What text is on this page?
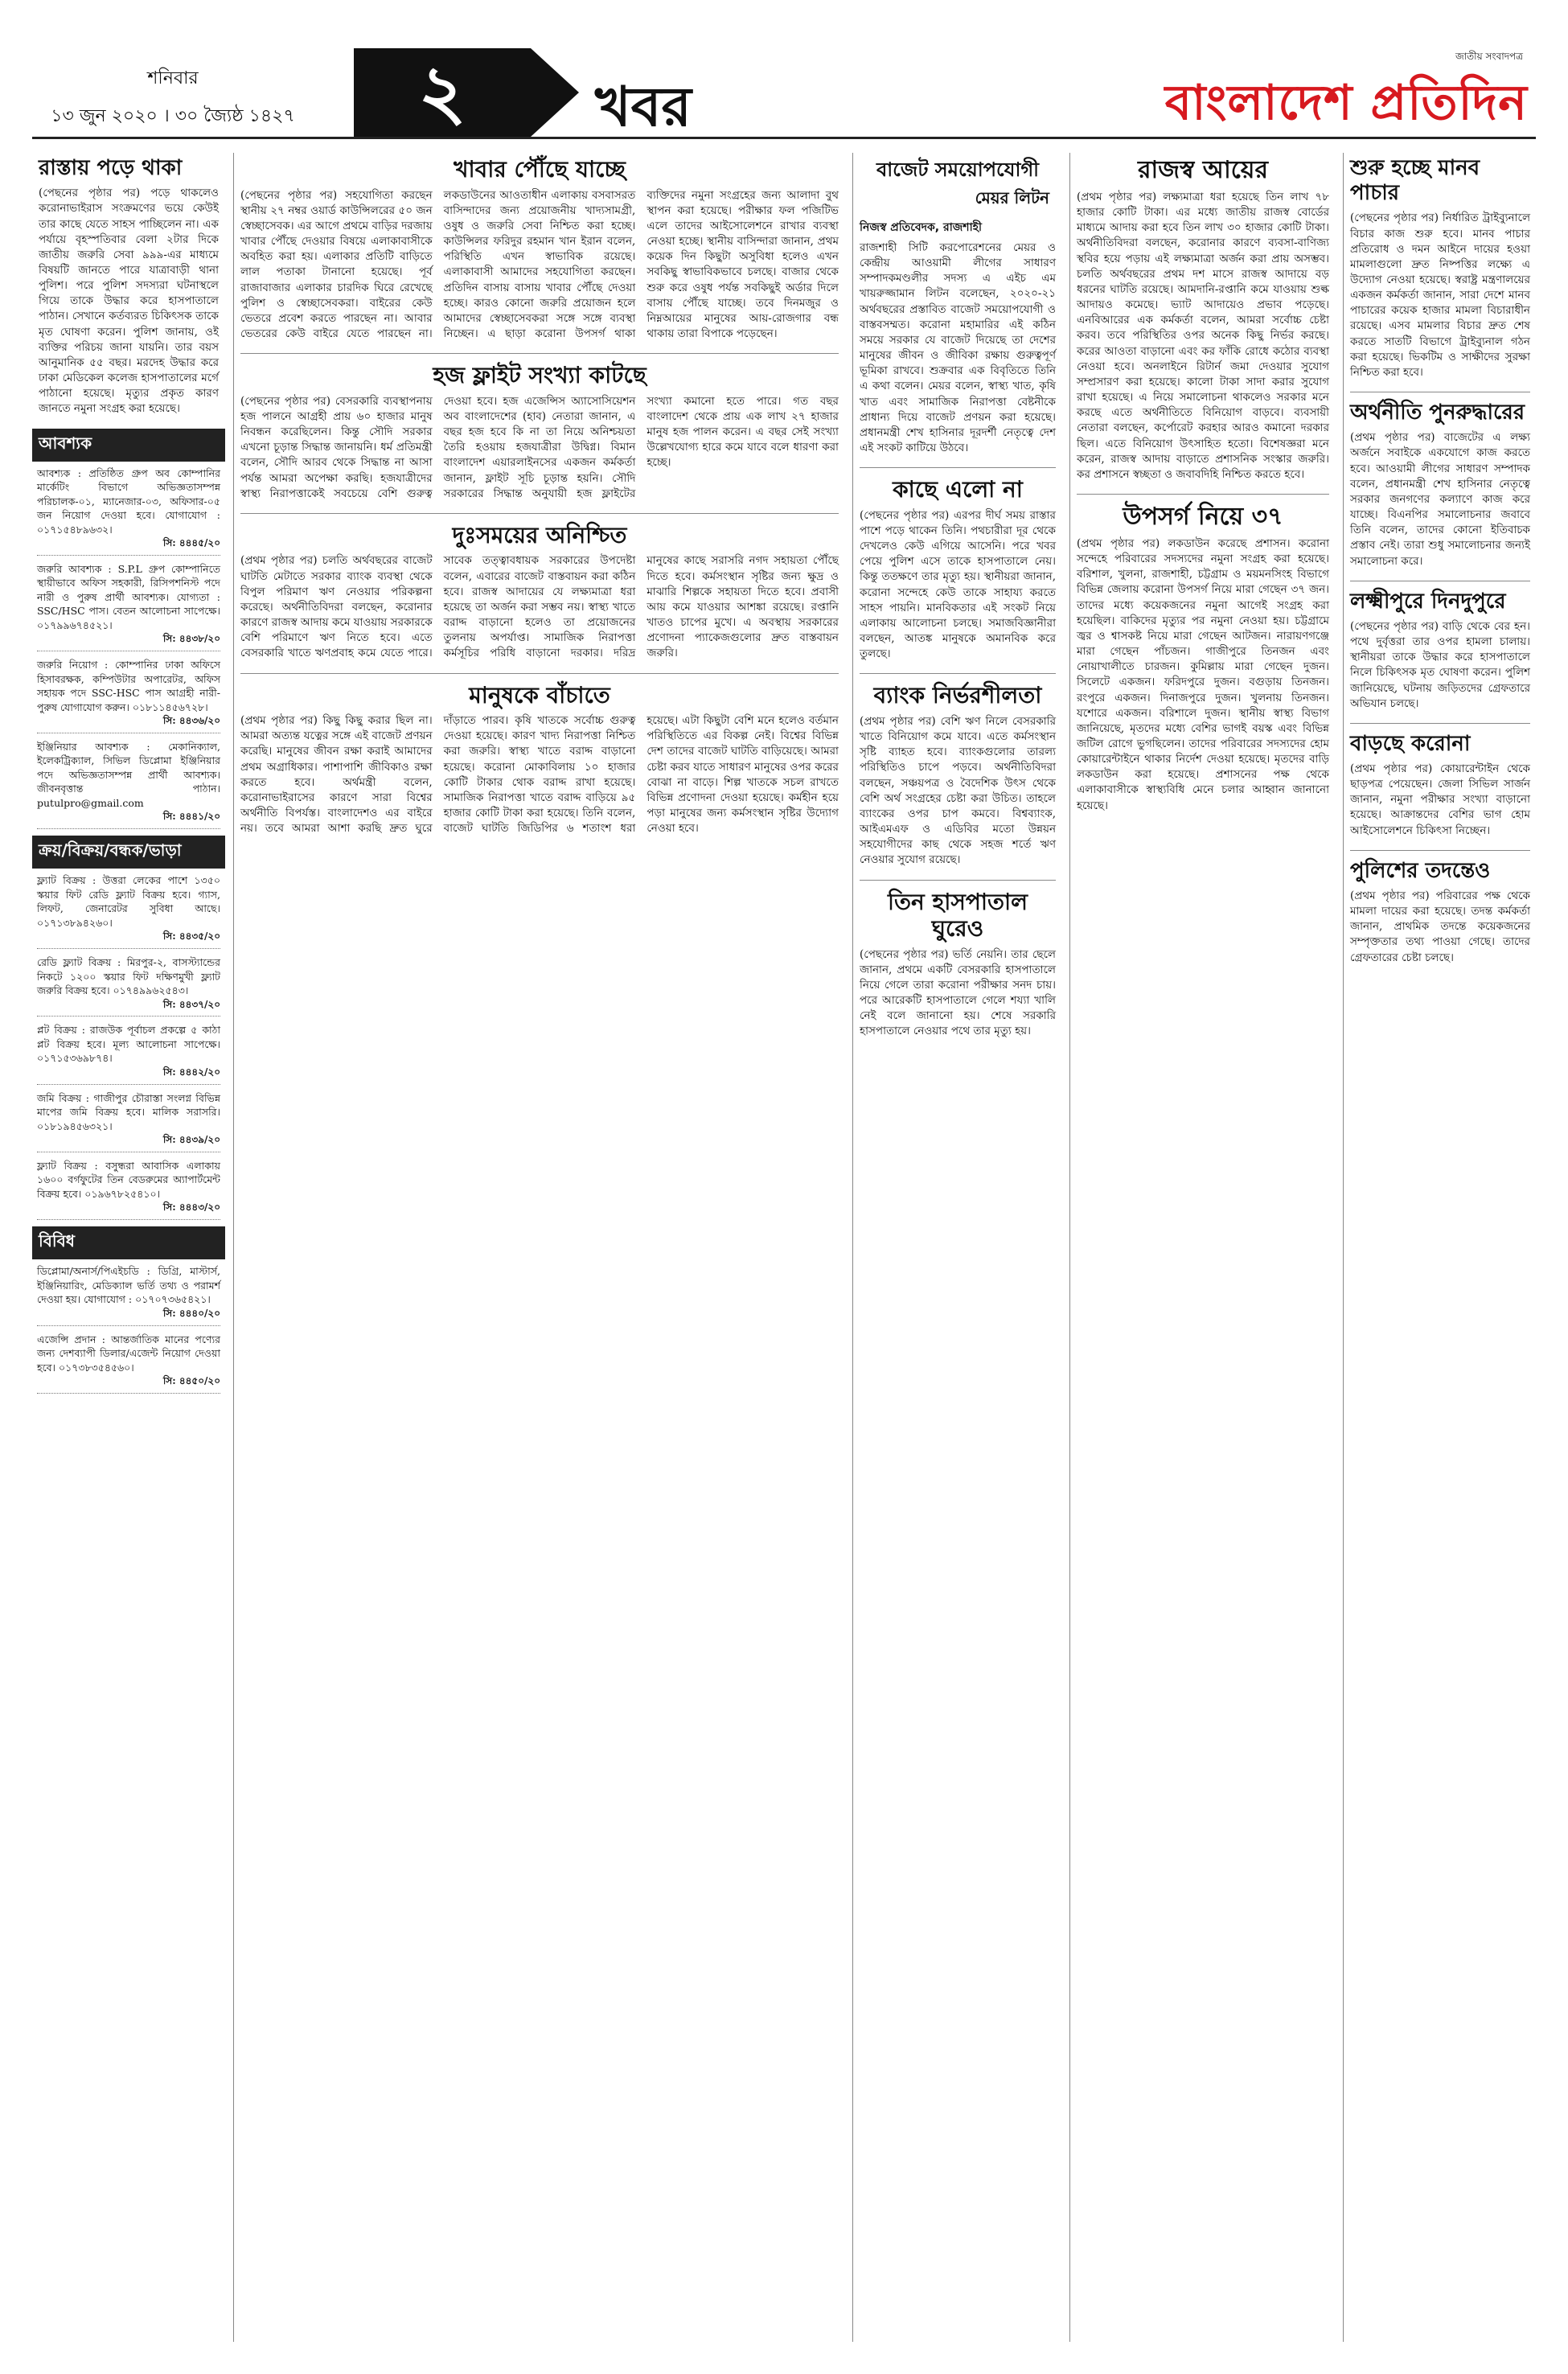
শনিবার
১৩ জুন ২০২০ । ৩০ জ্যৈষ্ঠ ১৪২৭	২	খবর
জাতীয় সংবাদপত্র
বাংলাদেশ প্রতিদিন
রাস্তায় পড়ে থাকা
(পেছনের পৃষ্ঠার পর) পড়ে থাকলেও করোনাভাইরাস সংক্রমণের ভয়ে কেউই তার কাছে যেতে সাহস পাচ্ছিলেন না। এক পর্যায়ে বৃহস্পতিবার বেলা ২টার দিকে জাতীয় জরুরি সেবা ৯৯৯-এর মাধ্যমে বিষয়টি জানতে পারে যাত্রাবাড়ী থানা পুলিশ। পরে পুলিশ সদস্যরা ঘটনাস্থলে গিয়ে তাকে উদ্ধার করে হাসপাতালে পাঠান। সেখানে কর্তব্যরত চিকিৎসক তাকে মৃত ঘোষণা করেন। পুলিশ জানায়, ওই ব্যক্তির পরিচয় জানা যায়নি। তার বয়স আনুমানিক ৫৫ বছর। মরদেহ উদ্ধার করে ঢাকা মেডিকেল কলেজ হাসপাতালের মর্গে পাঠানো হয়েছে। মৃত্যুর প্রকৃত কারণ জানতে নমুনা সংগ্রহ করা হয়েছে।
আবশ্যক
আবশ্যক : প্রতিষ্ঠিত গ্রুপ অব কোম্পানির মার্কেটিং বিভাগে অভিজ্ঞতাসম্পন্ন পরিচালক-০১, ম্যানেজার-০৩, অফিসার-০৫ জন নিয়োগ দেওয়া হবে। যোগাযোগ : ০১৭১৫৪৮৯৬৩২।
সি: ৪৪৪৫/২০
জরুরি আবশ্যক : S.P.L গ্রুপ কোম্পানিতে স্থায়ীভাবে অফিস সহকারী, রিসিপশনিস্ট পদে নারী ও পুরুষ প্রার্থী আবশ্যক। যোগ্যতা : SSC/HSC পাস। বেতন আলোচনা সাপেক্ষে। ০১৭৯৯৬৭৪৫২১।
সি: ৪৪৩৮/২০
জরুরি নিয়োগ : কোম্পানির ঢাকা অফিসে হিসাবরক্ষক, কম্পিউটার অপারেটর, অফিস সহায়ক পদে SSC-HSC পাস আগ্রহী নারী-পুরুষ যোগাযোগ করুন। ০১৮১১৪৫৬৭২৮।
সি: ৪৪৩৬/২০
ইঞ্জিনিয়ার আবশ্যক : মেকানিক্যাল, ইলেকট্রিক্যাল, সিভিল ডিপ্লোমা ইঞ্জিনিয়ার পদে অভিজ্ঞতাসম্পন্ন প্রার্থী আবশ্যক। জীবনবৃত্তান্ত পাঠান। putulpro@gmail.com
সি: ৪৪৪১/২০
ক্রয়/বিক্রয়/বন্ধক/ভাড়া
ফ্ল্যাট বিক্রয় : উত্তরা লেকের পাশে ১৩৫০ স্কয়ার ফিট রেডি ফ্ল্যাট বিক্রয় হবে। গ্যাস, লিফট, জেনারেটর সুবিধা আছে। ০১৭১৩৮৯৪২৬০।
সি: ৪৪৩৫/২০
রেডি ফ্ল্যাট বিক্রয় : মিরপুর-২, বাসস্ট্যান্ডের নিকটে ১২০০ স্কয়ার ফিট দক্ষিণমুখী ফ্ল্যাট জরুরি বিক্রয় হবে। ০১৭৪৯৯৬২৫৪৩।
সি: ৪৪৩৭/২০
প্লট বিক্রয় : রাজউক পূর্বাচল প্রকল্পে ৫ কাঠা প্লট বিক্রয় হবে। মূল্য আলোচনা সাপেক্ষে। ০১৭১৫৩৬৯৮৭৪।
সি: ৪৪৪২/২০
জমি বিক্রয় : গাজীপুর চৌরাস্তা সংলগ্ন বিভিন্ন মাপের জমি বিক্রয় হবে। মালিক সরাসরি। ০১৮১৯৪৫৬৩২১।
সি: ৪৪৩৯/২০
ফ্ল্যাট বিক্রয় : বসুন্ধরা আবাসিক এলাকায় ১৬০০ বর্গফুটের তিন বেডরুমের অ্যাপার্টমেন্ট বিক্রয় হবে। ০১৯৬৭৮২৫৪১০।
সি: ৪৪৪৩/২০
বিবিধ
ডিপ্লোমা/অনার্স/পিএইচডি : ডিগ্রি, মাস্টার্স, ইঞ্জিনিয়ারিং, মেডিক্যাল ভর্তি তথ্য ও পরামর্শ দেওয়া হয়। যোগাযোগ : ০১৭০৭৩৬৫৪২১।
সি: ৪৪৪০/২০
এজেন্সি প্রদান : আন্তর্জাতিক মানের পণ্যের জন্য দেশব্যাপী ডিলার/এজেন্ট নিয়োগ দেওয়া হবে। ০১৭৩৮৩৫৪৫৬০।
সি: ৪৪৫০/২০
খাবার পৌঁছে যাচ্ছে
(পেছনের পৃষ্ঠার পর) সহযোগিতা করছেন স্থানীয় ২৭ নম্বর ওয়ার্ড কাউন্সিলরের ৫০ জন স্বেচ্ছাসেবক। এর আগে প্রথমে বাড়ির দরজায় খাবার পৌঁছে দেওয়ার বিষয়ে এলাকাবাসীকে অবহিত করা হয়। এলাকার প্রতিটি বাড়িতে লাল পতাকা টানানো হয়েছে। পূর্ব রাজাবাজার এলাকার চারদিক ঘিরে রেখেছে পুলিশ ও স্বেচ্ছাসেবকরা। বাইরের কেউ ভেতরে প্রবেশ করতে পারছেন না। আবার ভেতরের কেউ বাইরে যেতে পারছেন না। লকডাউনের আওতাধীন এলাকায় বসবাসরত বাসিন্দাদের জন্য প্রয়োজনীয় খাদ্যসামগ্রী, ওষুধ ও জরুরি সেবা নিশ্চিত করা হচ্ছে। কাউন্সিলর ফরিদুর রহমান খান ইরান বলেন, পরিস্থিতি এখন স্বাভাবিক রয়েছে। এলাকাবাসী আমাদের সহযোগিতা করছেন। প্রতিদিন বাসায় বাসায় খাবার পৌঁছে দেওয়া হচ্ছে। কারও কোনো জরুরি প্রয়োজন হলে আমাদের স্বেচ্ছাসেবকরা সঙ্গে সঙ্গে ব্যবস্থা নিচ্ছেন। এ ছাড়া করোনা উপসর্গ থাকা ব্যক্তিদের নমুনা সংগ্রহের জন্য আলাদা বুথ স্থাপন করা হয়েছে। পরীক্ষার ফল পজিটিভ এলে তাদের আইসোলেশনে রাখার ব্যবস্থা নেওয়া হচ্ছে। স্থানীয় বাসিন্দারা জানান, প্রথম কয়েক দিন কিছুটা অসুবিধা হলেও এখন সবকিছু স্বাভাবিকভাবে চলছে। বাজার থেকে শুরু করে ওষুধ পর্যন্ত সবকিছুই অর্ডার দিলে বাসায় পৌঁছে যাচ্ছে। তবে দিনমজুর ও নিম্নআয়ের মানুষের আয়-রোজগার বন্ধ থাকায় তারা বিপাকে পড়েছেন।
হজ ফ্লাইট সংখ্যা কাটছে
(পেছনের পৃষ্ঠার পর) বেসরকারি ব্যবস্থাপনায় হজ পালনে আগ্রহী প্রায় ৬০ হাজার মানুষ নিবন্ধন করেছিলেন। কিন্তু সৌদি সরকার এখনো চূড়ান্ত সিদ্ধান্ত জানায়নি। ধর্ম প্রতিমন্ত্রী বলেন, সৌদি আরব থেকে সিদ্ধান্ত না আসা পর্যন্ত আমরা অপেক্ষা করছি। হজযাত্রীদের স্বাস্থ্য নিরাপত্তাকেই সবচেয়ে বেশি গুরুত্ব দেওয়া হবে। হজ এজেন্সিস অ্যাসোসিয়েশন অব বাংলাদেশের (হাব) নেতারা জানান, এ বছর হজ হবে কি না তা নিয়ে অনিশ্চয়তা তৈরি হওয়ায় হজযাত্রীরা উদ্বিগ্ন। বিমান বাংলাদেশ এয়ারলাইনসের একজন কর্মকর্তা জানান, ফ্লাইট সূচি চূড়ান্ত হয়নি। সৌদি সরকারের সিদ্ধান্ত অনুযায়ী হজ ফ্লাইটের সংখ্যা কমানো হতে পারে। গত বছর বাংলাদেশ থেকে প্রায় এক লাখ ২৭ হাজার মানুষ হজ পালন করেন। এ বছর সেই সংখ্যা উল্লেখযোগ্য হারে কমে যাবে বলে ধারণা করা হচ্ছে।
দুঃসময়ের অনিশ্চিত
(প্রথম পৃষ্ঠার পর) চলতি অর্থবছরের বাজেট ঘাটতি মেটাতে সরকার ব্যাংক ব্যবস্থা থেকে বিপুল পরিমাণ ঋণ নেওয়ার পরিকল্পনা করেছে। অর্থনীতিবিদরা বলছেন, করোনার কারণে রাজস্ব আদায় কমে যাওয়ায় সরকারকে বেশি পরিমাণে ঋণ নিতে হবে। এতে বেসরকারি খাতে ঋণপ্রবাহ কমে যেতে পারে। সাবেক তত্ত্বাবধায়ক সরকারের উপদেষ্টা বলেন, এবারের বাজেট বাস্তবায়ন করা কঠিন হবে। রাজস্ব আদায়ের যে লক্ষ্যমাত্রা ধরা হয়েছে তা অর্জন করা সম্ভব নয়। স্বাস্থ্য খাতে বরাদ্দ বাড়ানো হলেও তা প্রয়োজনের তুলনায় অপর্যাপ্ত। সামাজিক নিরাপত্তা কর্মসূচির পরিধি বাড়ানো দরকার। দরিদ্র মানুষের কাছে সরাসরি নগদ সহায়তা পৌঁছে দিতে হবে। কর্মসংস্থান সৃষ্টির জন্য ক্ষুদ্র ও মাঝারি শিল্পকে সহায়তা দিতে হবে। প্রবাসী আয় কমে যাওয়ার আশঙ্কা রয়েছে। রপ্তানি খাতও চাপের মুখে। এ অবস্থায় সরকারের প্রণোদনা প্যাকেজগুলোর দ্রুত বাস্তবায়ন জরুরি।
মানুষকে বাঁচাতে
(প্রথম পৃষ্ঠার পর) কিছু কিছু করার ছিল না। আমরা অত্যন্ত যত্নের সঙ্গে এই বাজেট প্রণয়ন করেছি। মানুষের জীবন রক্ষা করাই আমাদের প্রথম অগ্রাধিকার। পাশাপাশি জীবিকাও রক্ষা করতে হবে। অর্থমন্ত্রী বলেন, করোনাভাইরাসের কারণে সারা বিশ্বের অর্থনীতি বিপর্যস্ত। বাংলাদেশও এর বাইরে নয়। তবে আমরা আশা করছি দ্রুত ঘুরে দাঁড়াতে পারব। কৃষি খাতকে সর্বোচ্চ গুরুত্ব দেওয়া হয়েছে। কারণ খাদ্য নিরাপত্তা নিশ্চিত করা জরুরি। স্বাস্থ্য খাতে বরাদ্দ বাড়ানো হয়েছে। করোনা মোকাবিলায় ১০ হাজার কোটি টাকার থোক বরাদ্দ রাখা হয়েছে। সামাজিক নিরাপত্তা খাতে বরাদ্দ বাড়িয়ে ৯৫ হাজার কোটি টাকা করা হয়েছে। তিনি বলেন, বাজেট ঘাটতি জিডিপির ৬ শতাংশ ধরা হয়েছে। এটা কিছুটা বেশি মনে হলেও বর্তমান পরিস্থিতিতে এর বিকল্প নেই। বিশ্বের বিভিন্ন দেশ তাদের বাজেট ঘাটতি বাড়িয়েছে। আমরা চেষ্টা করব যাতে সাধারণ মানুষের ওপর করের বোঝা না বাড়ে। শিল্প খাতকে সচল রাখতে বিভিন্ন প্রণোদনা দেওয়া হয়েছে। কর্মহীন হয়ে পড়া মানুষের জন্য কর্মসংস্থান সৃষ্টির উদ্যোগ নেওয়া হবে।
বাজেট সময়োপযোগী
মেয়র লিটন
নিজস্ব প্রতিবেদক, রাজশাহী
রাজশাহী সিটি করপোরেশনের মেয়র ও কেন্দ্রীয় আওয়ামী লীগের সাধারণ সম্পাদকমণ্ডলীর সদস্য এ এইচ এম খায়রুজ্জামান লিটন বলেছেন, ২০২০-২১ অর্থবছরের প্রস্তাবিত বাজেট সময়োপযোগী ও বাস্তবসম্মত। করোনা মহামারির এই কঠিন সময়ে সরকার যে বাজেট দিয়েছে তা দেশের মানুষের জীবন ও জীবিকা রক্ষায় গুরুত্বপূর্ণ ভূমিকা রাখবে। শুক্রবার এক বিবৃতিতে তিনি এ কথা বলেন। মেয়র বলেন, স্বাস্থ্য খাত, কৃষি খাত এবং সামাজিক নিরাপত্তা বেষ্টনীকে প্রাধান্য দিয়ে বাজেট প্রণয়ন করা হয়েছে। প্রধানমন্ত্রী শেখ হাসিনার দূরদর্শী নেতৃত্বে দেশ এই সংকট কাটিয়ে উঠবে।
কাছে এলো না
(পেছনের পৃষ্ঠার পর) এরপর দীর্ঘ সময় রাস্তার পাশে পড়ে থাকেন তিনি। পথচারীরা দূর থেকে দেখলেও কেউ এগিয়ে আসেনি। পরে খবর পেয়ে পুলিশ এসে তাকে হাসপাতালে নেয়। কিন্তু ততক্ষণে তার মৃত্যু হয়। স্থানীয়রা জানান, করোনা সন্দেহে কেউ তাকে সাহায্য করতে সাহস পায়নি। মানবিকতার এই সংকট নিয়ে এলাকায় আলোচনা চলছে। সমাজবিজ্ঞানীরা বলছেন, আতঙ্ক মানুষকে অমানবিক করে তুলছে।
ব্যাংক নির্ভরশীলতা
(প্রথম পৃষ্ঠার পর) বেশি ঋণ নিলে বেসরকারি খাতে বিনিয়োগ কমে যাবে। এতে কর্মসংস্থান সৃষ্টি ব্যাহত হবে। ব্যাংকগুলোর তারল্য পরিস্থিতিও চাপে পড়বে। অর্থনীতিবিদরা বলছেন, সঞ্চয়পত্র ও বৈদেশিক উৎস থেকে বেশি অর্থ সংগ্রহের চেষ্টা করা উচিত। তাহলে ব্যাংকের ওপর চাপ কমবে। বিশ্বব্যাংক, আইএমএফ ও এডিবির মতো উন্নয়ন সহযোগীদের কাছ থেকে সহজ শর্তে ঋণ নেওয়ার সুযোগ রয়েছে।
তিন হাসপাতাল ঘুরেও
(পেছনের পৃষ্ঠার পর) ভর্তি নেয়নি। তার ছেলে জানান, প্রথমে একটি বেসরকারি হাসপাতালে নিয়ে গেলে তারা করোনা পরীক্ষার সনদ চায়। পরে আরেকটি হাসপাতালে গেলে শয্যা খালি নেই বলে জানানো হয়। শেষে সরকারি হাসপাতালে নেওয়ার পথে তার মৃত্যু হয়।
রাজস্ব আয়ের
(প্রথম পৃষ্ঠার পর) লক্ষ্যমাত্রা ধরা হয়েছে তিন লাখ ৭৮ হাজার কোটি টাকা। এর মধ্যে জাতীয় রাজস্ব বোর্ডের মাধ্যমে আদায় করা হবে তিন লাখ ৩০ হাজার কোটি টাকা। অর্থনীতিবিদরা বলছেন, করোনার কারণে ব্যবসা-বাণিজ্য স্থবির হয়ে পড়ায় এই লক্ষ্যমাত্রা অর্জন করা প্রায় অসম্ভব। চলতি অর্থবছরের প্রথম দশ মাসে রাজস্ব আদায়ে বড় ধরনের ঘাটতি রয়েছে। আমদানি-রপ্তানি কমে যাওয়ায় শুল্ক আদায়ও কমেছে। ভ্যাট আদায়েও প্রভাব পড়েছে। এনবিআরের এক কর্মকর্তা বলেন, আমরা সর্বোচ্চ চেষ্টা করব। তবে পরিস্থিতির ওপর অনেক কিছু নির্ভর করছে। করের আওতা বাড়ানো এবং কর ফাঁকি রোধে কঠোর ব্যবস্থা নেওয়া হবে। অনলাইনে রিটার্ন জমা দেওয়ার সুযোগ সম্প্রসারণ করা হয়েছে। কালো টাকা সাদা করার সুযোগ রাখা হয়েছে। এ নিয়ে সমালোচনা থাকলেও সরকার মনে করছে এতে অর্থনীতিতে বিনিয়োগ বাড়বে। ব্যবসায়ী নেতারা বলছেন, কর্পোরেট করহার আরও কমানো দরকার ছিল। এতে বিনিয়োগ উৎসাহিত হতো। বিশেষজ্ঞরা মনে করেন, রাজস্ব আদায় বাড়াতে প্রশাসনিক সংস্কার জরুরি। কর প্রশাসনে স্বচ্ছতা ও জবাবদিহি নিশ্চিত করতে হবে।
উপসর্গ নিয়ে ৩৭
(প্রথম পৃষ্ঠার পর) লকডাউন করেছে প্রশাসন। করোনা সন্দেহে পরিবারের সদস্যদের নমুনা সংগ্রহ করা হয়েছে। বরিশাল, খুলনা, রাজশাহী, চট্টগ্রাম ও ময়মনসিংহ বিভাগে বিভিন্ন জেলায় করোনা উপসর্গ নিয়ে মারা গেছেন ৩৭ জন। তাদের মধ্যে কয়েকজনের নমুনা আগেই সংগ্রহ করা হয়েছিল। বাকিদের মৃত্যুর পর নমুনা নেওয়া হয়। চট্টগ্রামে জ্বর ও শ্বাসকষ্ট নিয়ে মারা গেছেন আটজন। নারায়ণগঞ্জে মারা গেছেন পাঁচজন। গাজীপুরে তিনজন এবং নোয়াখালীতে চারজন। কুমিল্লায় মারা গেছেন দুজন। সিলেটে একজন। ফরিদপুরে দুজন। বগুড়ায় তিনজন। রংপুরে একজন। দিনাজপুরে দুজন। খুলনায় তিনজন। যশোরে একজন। বরিশালে দুজন। স্থানীয় স্বাস্থ্য বিভাগ জানিয়েছে, মৃতদের মধ্যে বেশির ভাগই বয়স্ক এবং বিভিন্ন জটিল রোগে ভুগছিলেন। তাদের পরিবারের সদস্যদের হোম কোয়ারেন্টাইনে থাকার নির্দেশ দেওয়া হয়েছে। মৃতদের বাড়ি লকডাউন করা হয়েছে। প্রশাসনের পক্ষ থেকে এলাকাবাসীকে স্বাস্থ্যবিধি মেনে চলার আহ্বান জানানো হয়েছে।
শুরু হচ্ছে মানব পাচার
(পেছনের পৃষ্ঠার পর) নির্ধারিত ট্রাইব্যুনালে বিচার কাজ শুরু হবে। মানব পাচার প্রতিরোধ ও দমন আইনে দায়ের হওয়া মামলাগুলো দ্রুত নিষ্পত্তির লক্ষ্যে এ উদ্যোগ নেওয়া হয়েছে। স্বরাষ্ট্র মন্ত্রণালয়ের একজন কর্মকর্তা জানান, সারা দেশে মানব পাচারের কয়েক হাজার মামলা বিচারাধীন রয়েছে। এসব মামলার বিচার দ্রুত শেষ করতে সাতটি বিভাগে ট্রাইব্যুনাল গঠন করা হয়েছে। ভিকটিম ও সাক্ষীদের সুরক্ষা নিশ্চিত করা হবে।
অর্থনীতি পুনরুদ্ধারের
(প্রথম পৃষ্ঠার পর) বাজেটের এ লক্ষ্য অর্জনে সবাইকে একযোগে কাজ করতে হবে। আওয়ামী লীগের সাধারণ সম্পাদক বলেন, প্রধানমন্ত্রী শেখ হাসিনার নেতৃত্বে সরকার জনগণের কল্যাণে কাজ করে যাচ্ছে। বিএনপির সমালোচনার জবাবে তিনি বলেন, তাদের কোনো ইতিবাচক প্রস্তাব নেই। তারা শুধু সমালোচনার জন্যই সমালোচনা করে।
লক্ষ্মীপুরে দিনদুপুরে
(পেছনের পৃষ্ঠার পর) বাড়ি থেকে বের হন। পথে দুর্বৃত্তরা তার ওপর হামলা চালায়। স্থানীয়রা তাকে উদ্ধার করে হাসপাতালে নিলে চিকিৎসক মৃত ঘোষণা করেন। পুলিশ জানিয়েছে, ঘটনায় জড়িতদের গ্রেফতারে অভিযান চলছে।
বাড়ছে করোনা
(প্রথম পৃষ্ঠার পর) কোয়ারেন্টাইন থেকে ছাড়পত্র পেয়েছেন। জেলা সিভিল সার্জন জানান, নমুনা পরীক্ষার সংখ্যা বাড়ানো হয়েছে। আক্রান্তদের বেশির ভাগ হোম আইসোলেশনে চিকিৎসা নিচ্ছেন।
পুলিশের তদন্তেও
(প্রথম পৃষ্ঠার পর) পরিবারের পক্ষ থেকে মামলা দায়ের করা হয়েছে। তদন্ত কর্মকর্তা জানান, প্রাথমিক তদন্তে কয়েকজনের সম্পৃক্ততার তথ্য পাওয়া গেছে। তাদের গ্রেফতারের চেষ্টা চলছে।
